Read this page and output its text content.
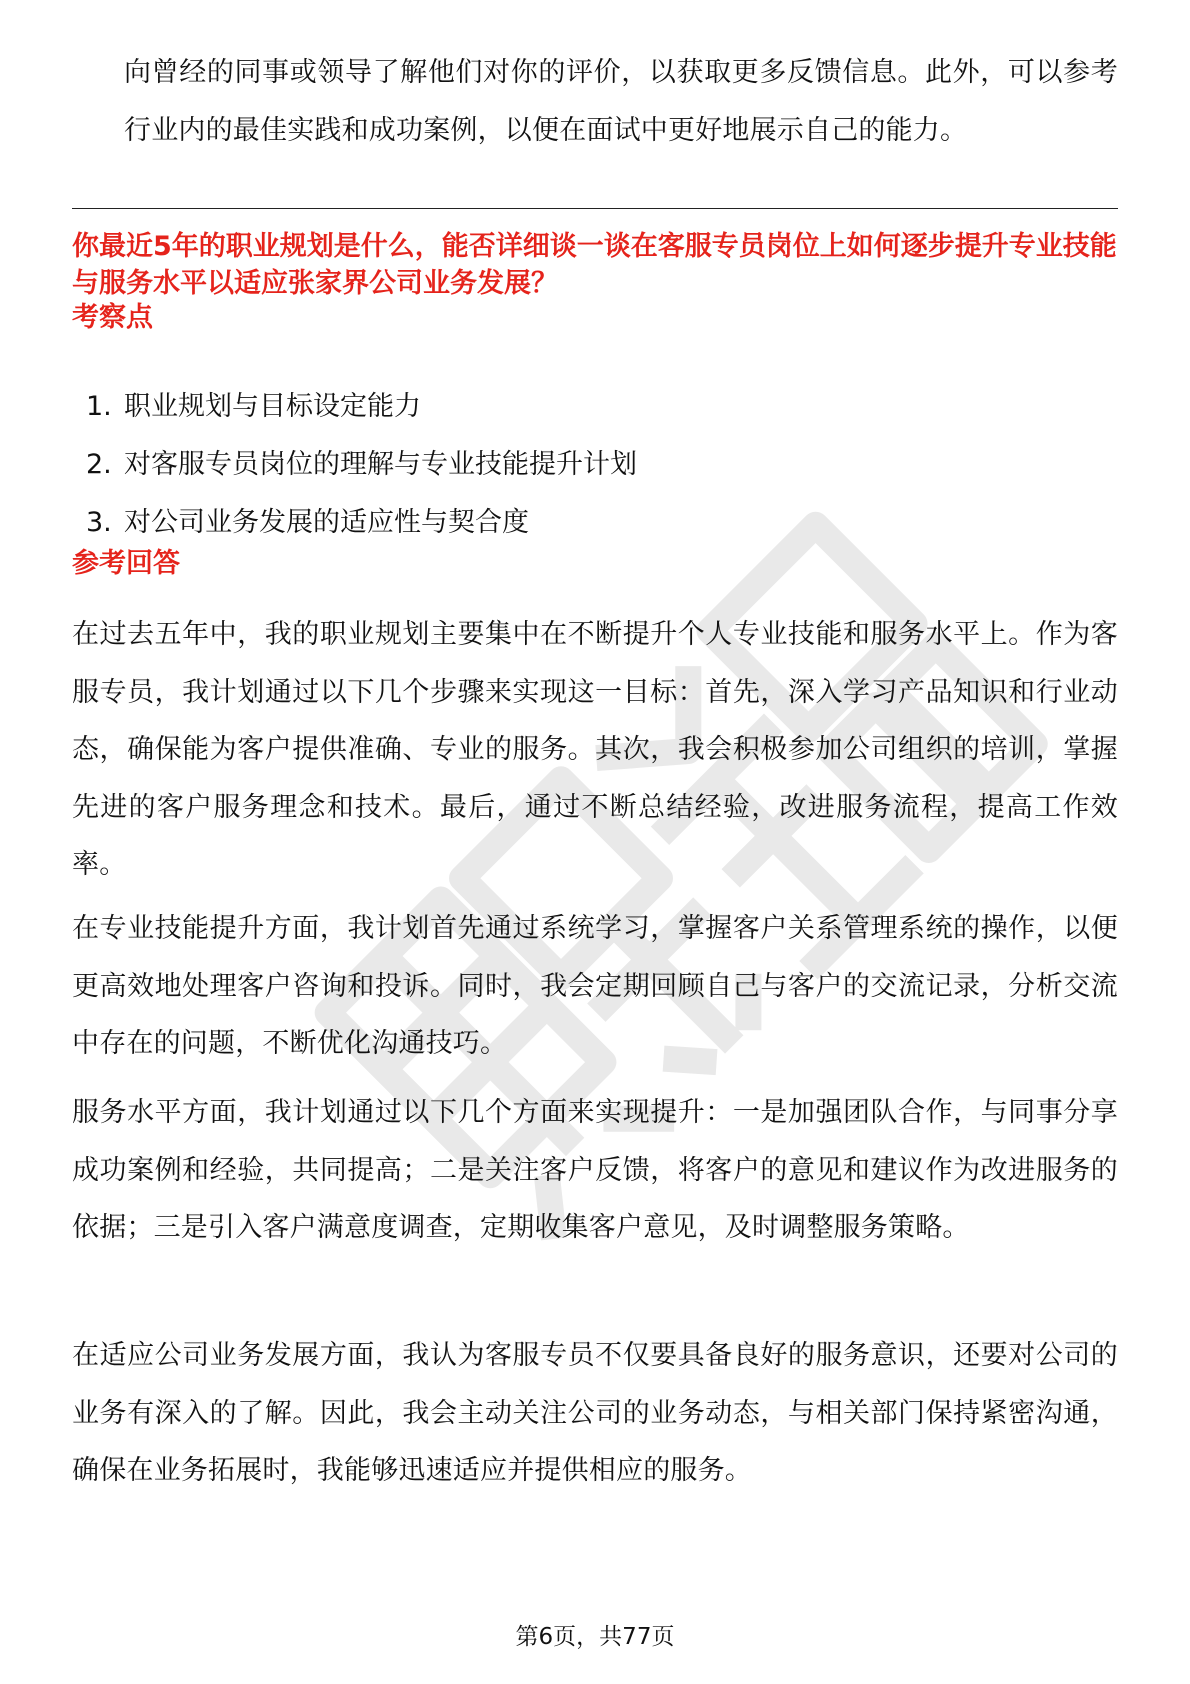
向曾经的同事或领导了解他们对你的评价，以获取更多反馈信息。此外，可以参考行业内的最佳实践和成功案例，以便在面试中更好地展示自己的能力。

你最近5年的职业规划是什么，能否详细谈一谈在客服专员岗位上如何逐步提升专业技能与服务水平以适应张家界公司业务发展？
考察点
1. 职业规划与目标设定能力
2. 对客服专员岗位的理解与专业技能提升计划
3. 对公司业务发展的适应性与契合度
参考回答

在过去五年中，我的职业规划主要集中在不断提升个人专业技能和服务水平上。作为客服专员，我计划通过以下几个步骤来实现这一目标：首先，深入学习产品知识和行业动态，确保能为客户提供准确、专业的服务。其次，我会积极参加公司组织的培训，掌握先进的客户服务理念和技术。最后，通过不断总结经验，改进服务流程，提高工作效率。

在专业技能提升方面，我计划首先通过系统学习，掌握客户关系管理系统的操作，以便更高效地处理客户咨询和投诉。同时，我会定期回顾自己与客户的交流记录，分析交流中存在的问题，不断优化沟通技巧。

服务水平方面，我计划通过以下几个方面来实现提升：一是加强团队合作，与同事分享成功案例和经验，共同提高；二是关注客户反馈，将客户的意见和建议作为改进服务的依据；三是引入客户满意度调查，定期收集客户意见，及时调整服务策略。

在适应公司业务发展方面，我认为客服专员不仅要具备良好的服务意识，还要对公司的业务有深入的了解。因此，我会主动关注公司的业务动态，与相关部门保持紧密沟通，确保在业务拓展时，我能够迅速适应并提供相应的服务。

第6页，共77页
